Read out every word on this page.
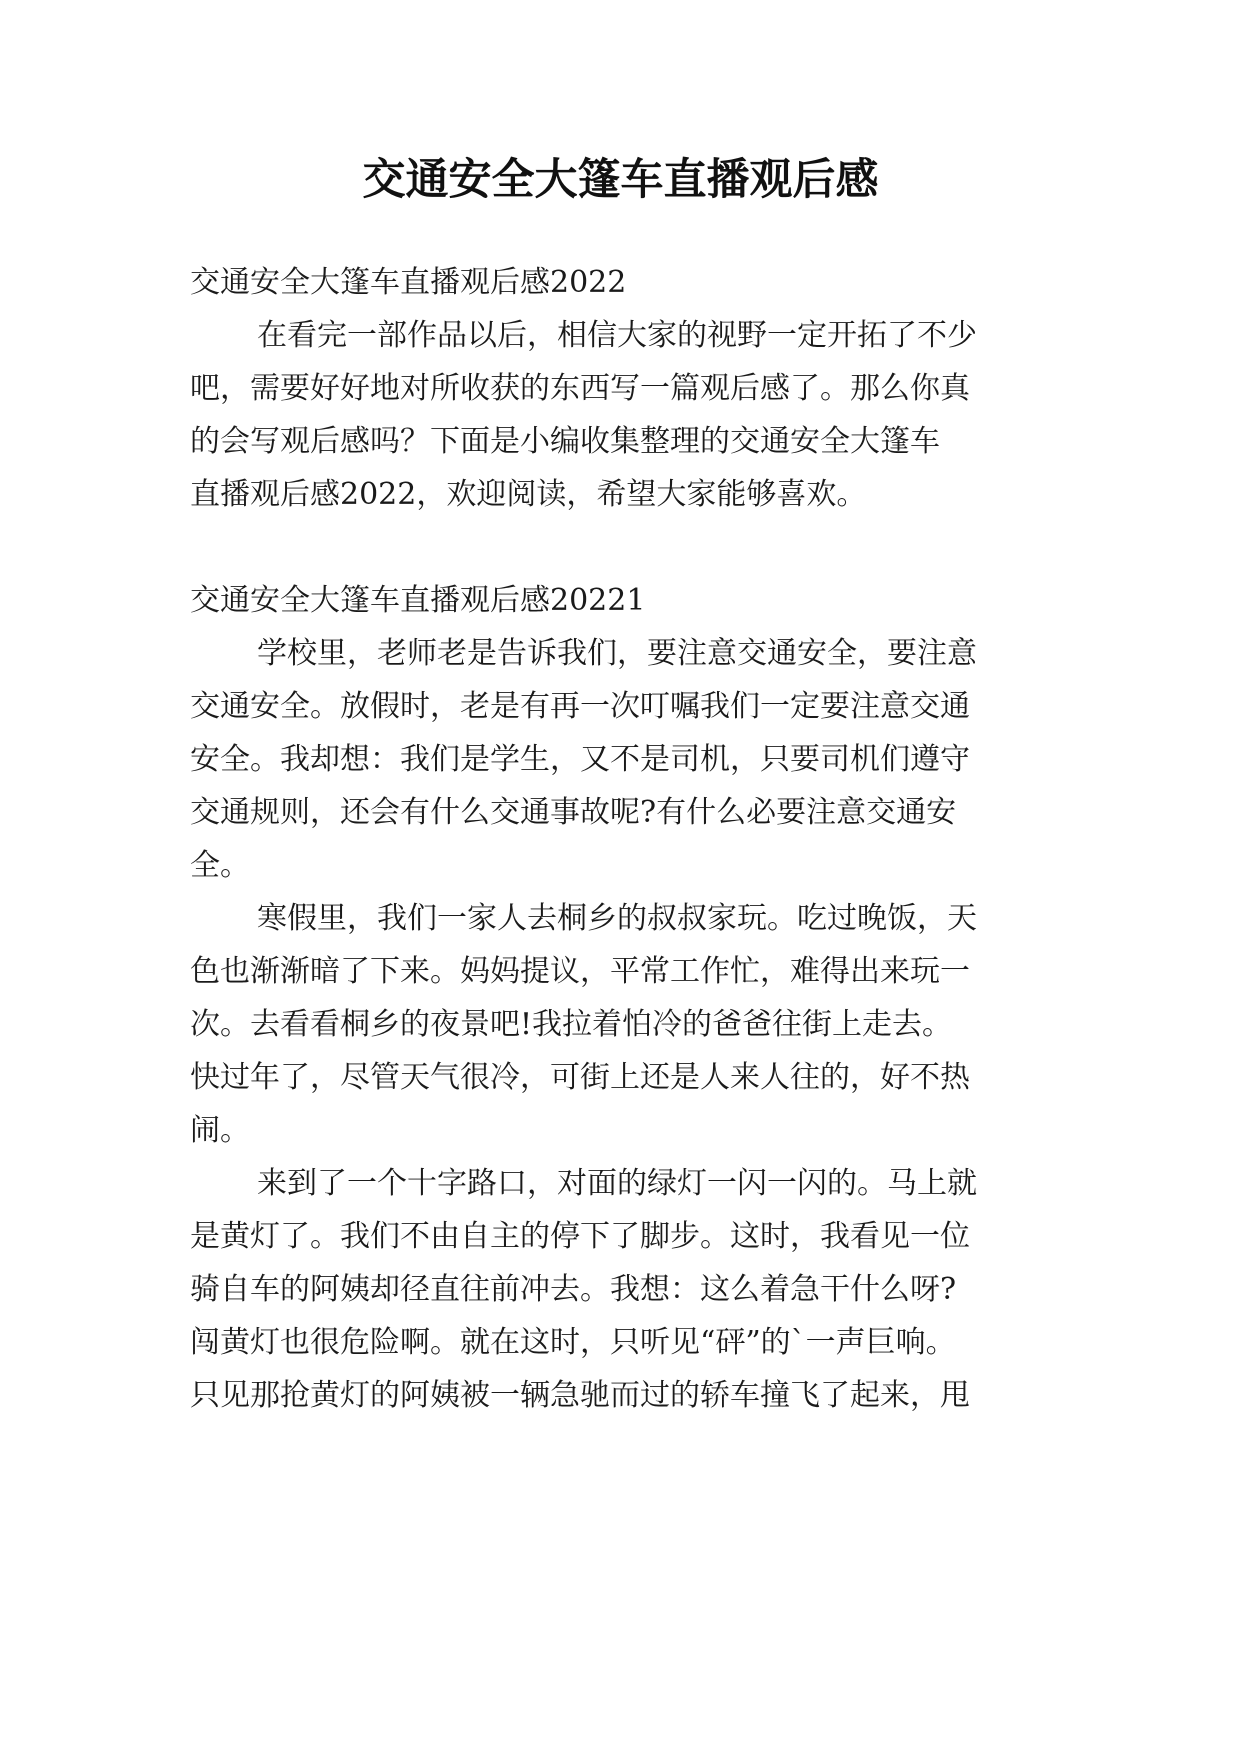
交通安全大篷车直播观后感
交通安全大篷车直播观后感2022
在看完一部作品以后，相信大家的视野一定开拓了不少
吧，需要好好地对所收获的东西写一篇观后感了。那么你真
的会写观后感吗？下面是小编收集整理的交通安全大篷车
直播观后感2022，欢迎阅读，希望大家能够喜欢。
交通安全大篷车直播观后感20221
学校里，老师老是告诉我们，要注意交通安全，要注意
交通安全。放假时，老是有再一次叮嘱我们一定要注意交通
安全。我却想：我们是学生，又不是司机，只要司机们遵守
交通规则，还会有什么交通事故呢?有什么必要注意交通安
全。
寒假里，我们一家人去桐乡的叔叔家玩。吃过晚饭，天
色也渐渐暗了下来。妈妈提议，平常工作忙，难得出来玩一
次。去看看桐乡的夜景吧!我拉着怕冷的爸爸往街上走去。
快过年了，尽管天气很冷，可街上还是人来人往的，好不热
闹。
来到了一个十字路口，对面的绿灯一闪一闪的。马上就
是黄灯了。我们不由自主的停下了脚步。这时，我看见一位
骑自车的阿姨却径直往前冲去。我想：这么着急干什么呀?
闯黄灯也很危险啊。就在这时，只听见“砰”的`一声巨响。
只见那抢黄灯的阿姨被一辆急驰而过的轿车撞飞了起来，甩
